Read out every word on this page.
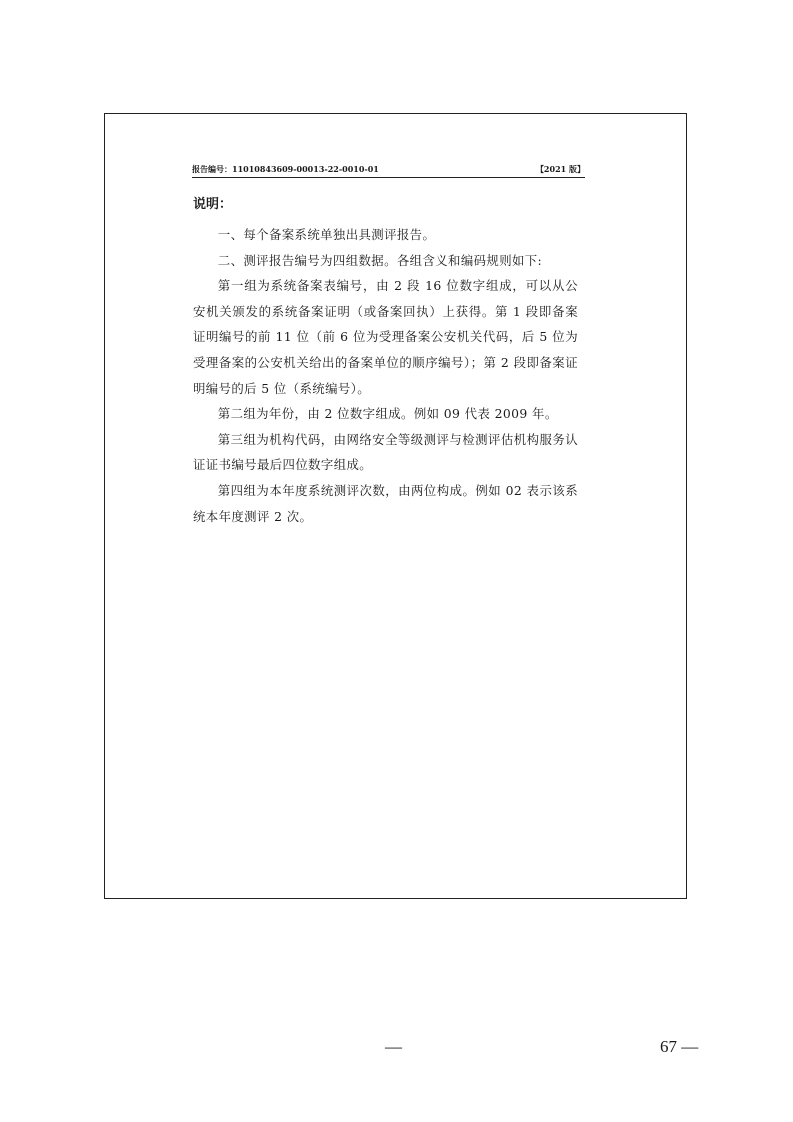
报告编号：11010843609-00013-22-0010-01	【2021 版】
说明：

一、每个备案系统单独出具测评报告。

二、测评报告编号为四组数据。各组含义和编码规则如下:

第一组为系统备案表编号，由 2 段 16 位数字组成，可以从公安机关颁发的系统备案证明（或备案回执）上获得。第 1 段即备案证明编号的前 11 位（前 6 位为受理备案公安机关代码，后 5 位为受理备案的公安机关给出的备案单位的顺序编号）；第 2 段即备案证明编号的后 5 位（系统编号）。

第二组为年份，由 2 位数字组成。例如 09 代表 2009 年。

第三组为机构代码，由网络安全等级测评与检测评估机构服务认证证书编号最后四位数字组成。

第四组为本年度系统测评次数，由两位构成。例如 02 表示该系统本年度测评 2 次。

—	67 —
